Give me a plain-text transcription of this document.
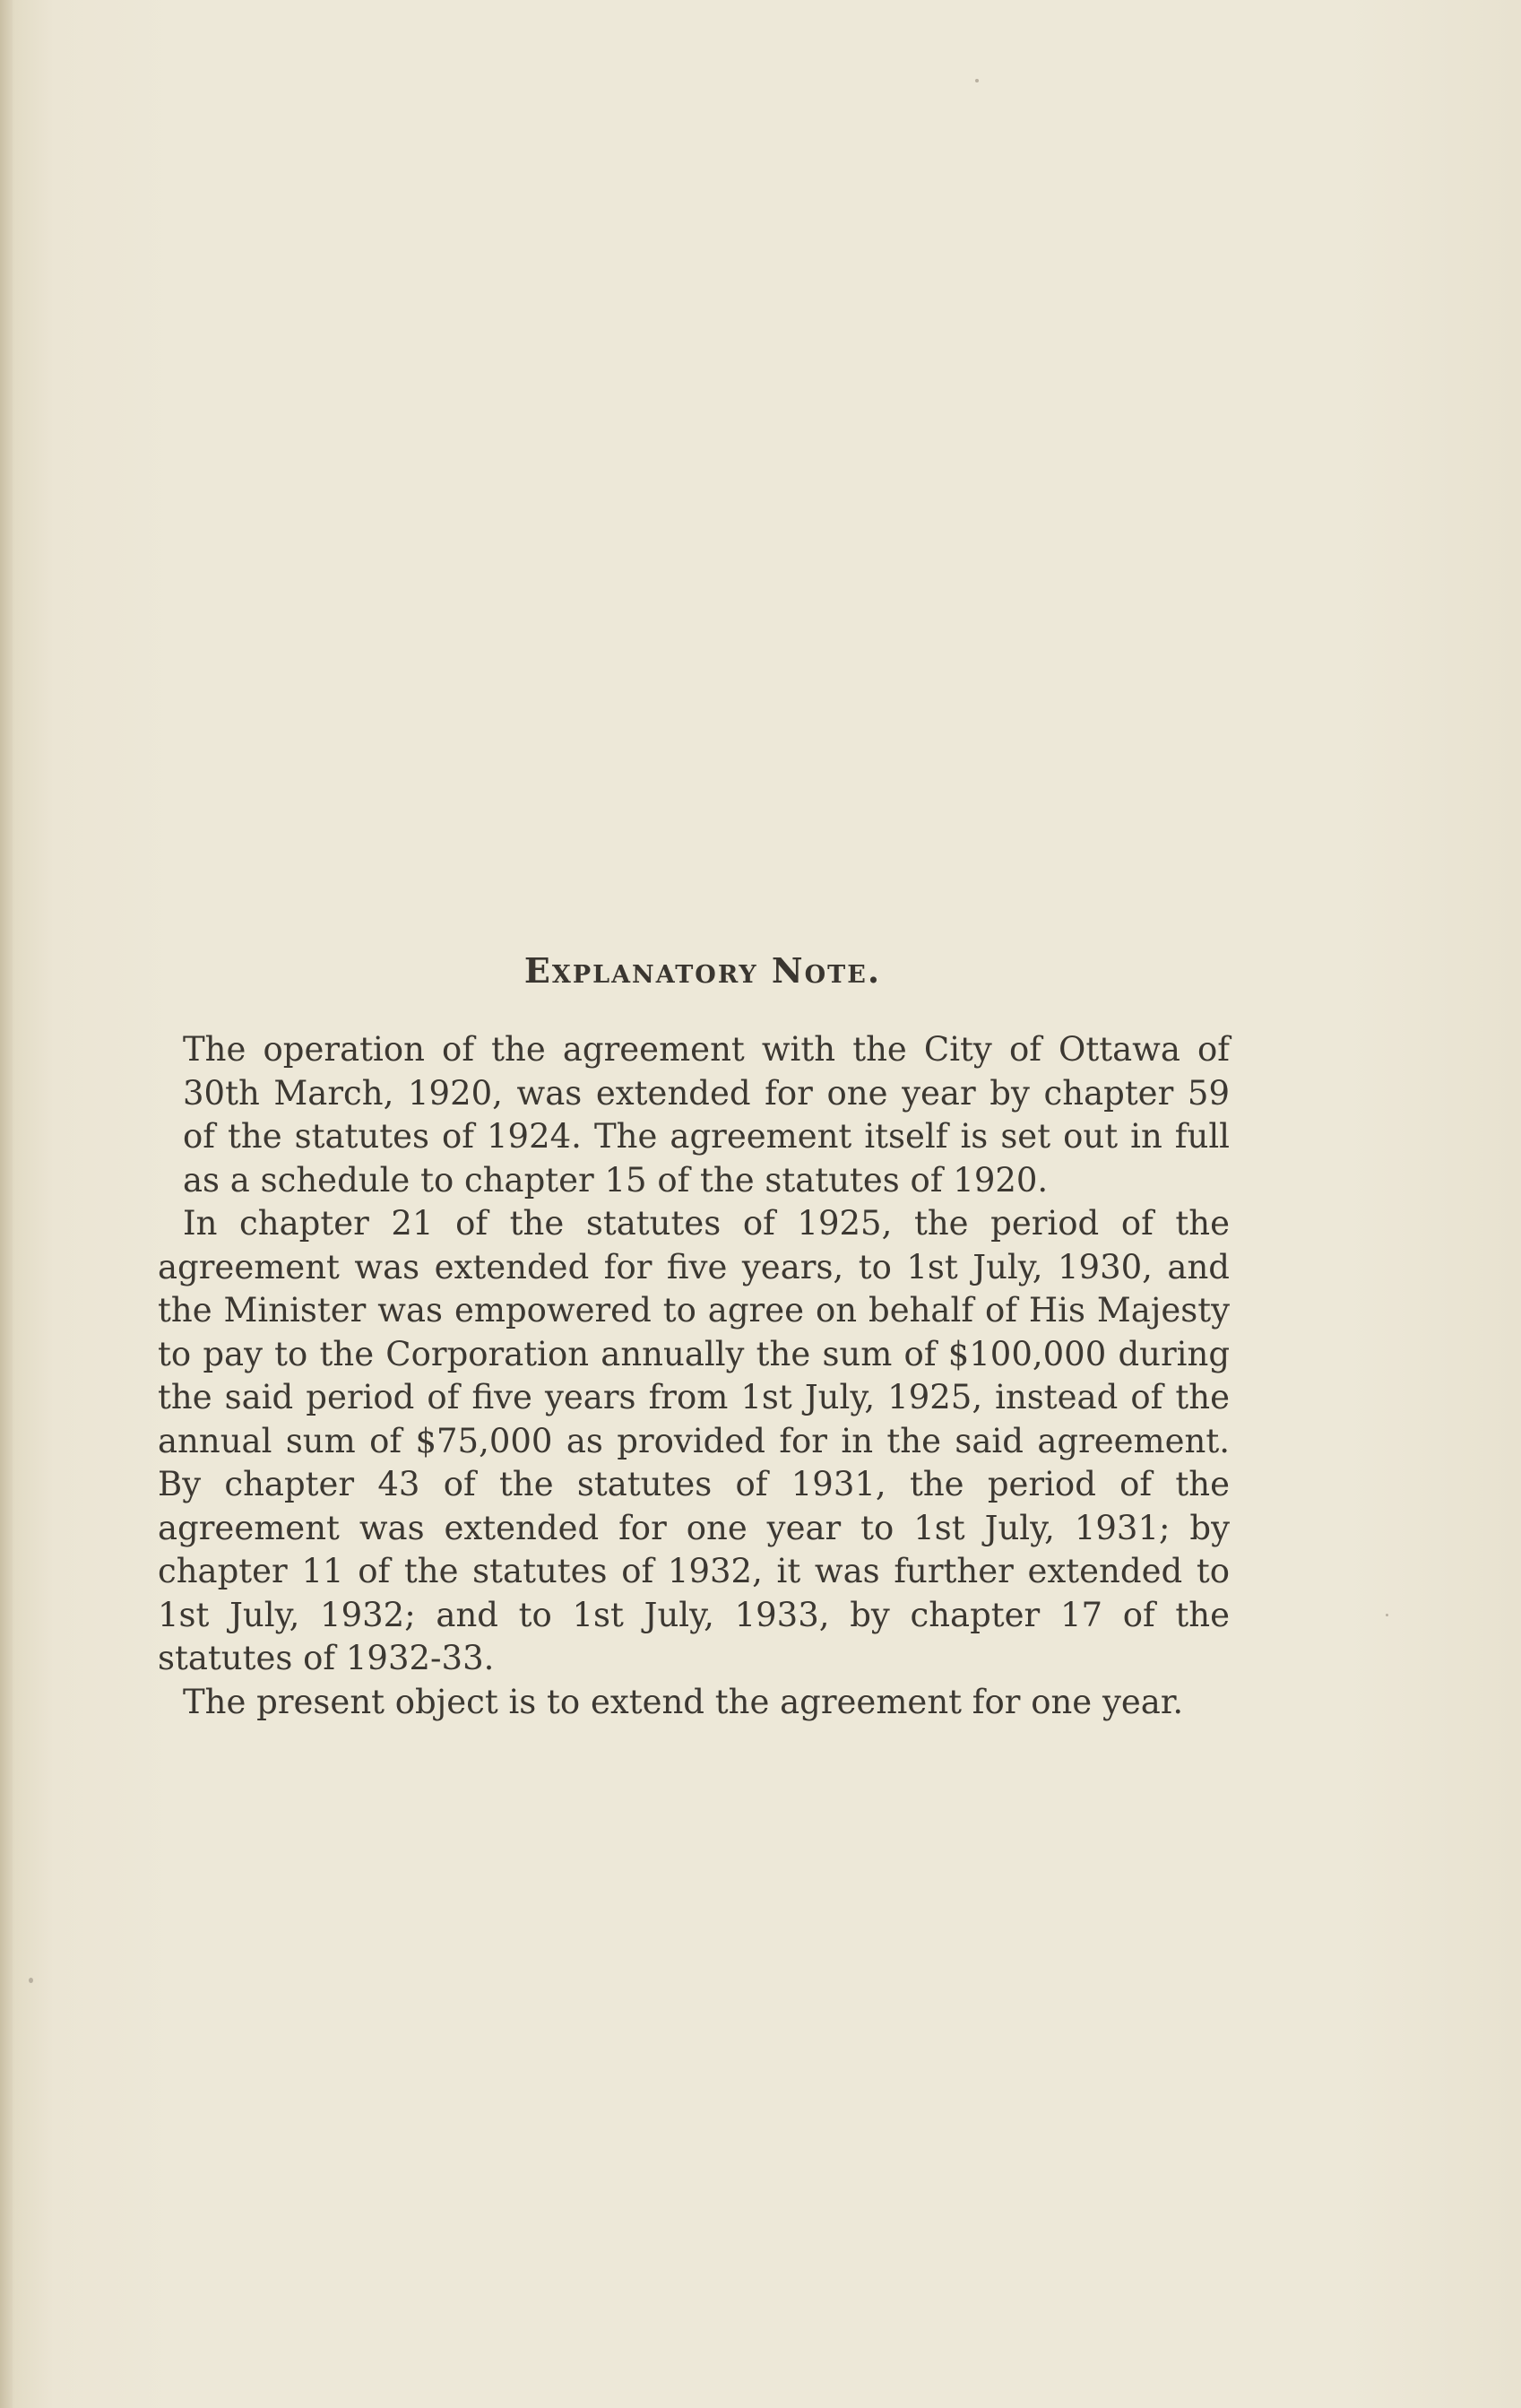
Explanatory Note.

The operation of the agreement with the City of Ottawa of 30th March, 1920, was extended for one year by chapter 59 of the statutes of 1924. The agreement itself is set out in full as a schedule to chapter 15 of the statutes of 1920.

In chapter 21 of the statutes of 1925, the period of the agreement was extended for five years, to 1st July, 1930, and the Minister was empowered to agree on behalf of His Majesty to pay to the Corporation annually the sum of $100,000 during the said period of five years from 1st July, 1925, instead of the annual sum of $75,000 as provided for in the said agreement. By chapter 43 of the statutes of 1931, the period of the agreement was extended for one year to 1st July, 1931; by chapter 11 of the statutes of 1932, it was further extended to 1st July, 1932; and to 1st July, 1933, by chapter 17 of the statutes of 1932-33.

The present object is to extend the agreement for one year.
